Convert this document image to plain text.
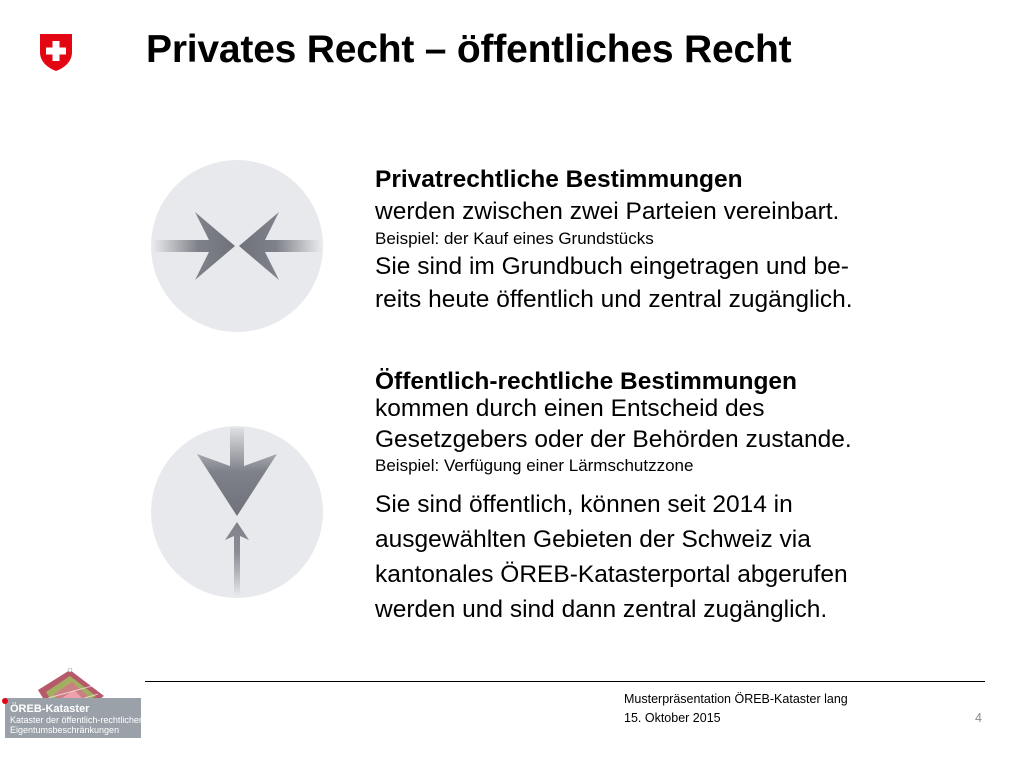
Privates Recht – öffentliches Recht
Privatrechtliche Bestimmungen
werden zwischen zwei Parteien vereinbart.
Beispiel: der Kauf eines Grundstücks
Sie sind im Grundbuch eingetragen und be-
reits heute öffentlich und zentral zugänglich.
Öffentlich-rechtliche Bestimmungen
kommen durch einen Entscheid des
Gesetzgebers oder der Behörden zustande.
Beispiel: Verfügung einer Lärmschutzzone
Sie sind öffentlich, können seit 2014 in
ausgewählten Gebieten der Schweiz via
kantonales ÖREB-Katasterportal abgerufen
werden und sind dann zentral zugänglich.
ÖREB-Kataster
Kataster der öffentlich-rechtlichen
Eigentumsbeschränkungen
Musterpräsentation ÖREB-Kataster lang
15. Oktober 2015	4
